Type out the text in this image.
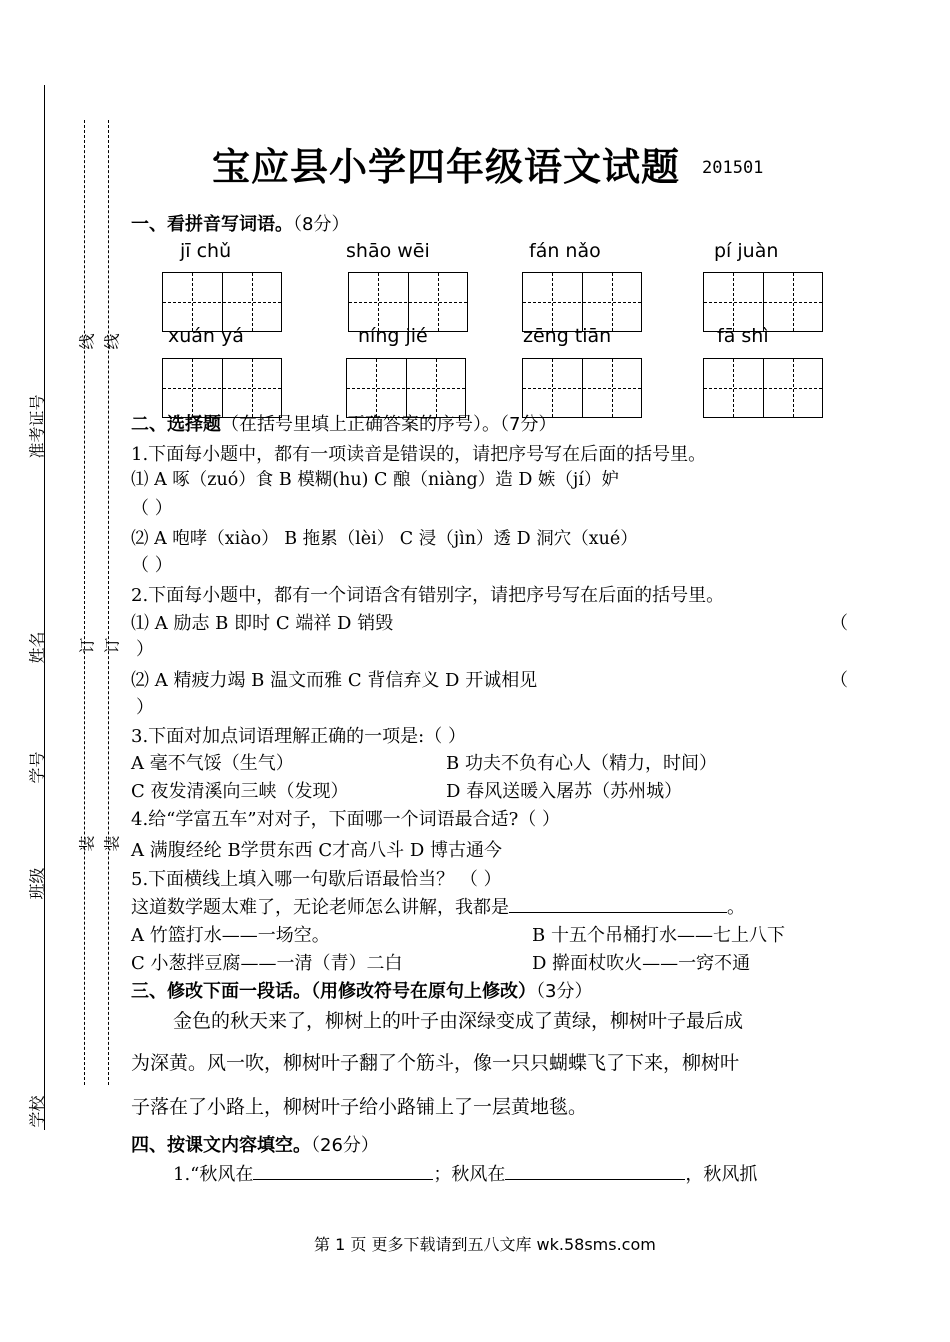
准考证号
姓名
学号
班级
学校
线 线
订 订
装 装
宝应县小学四年级语文试题 201501
一、看拼音写词语。（8分）
jī chǔ	shāo wēi	fán nǎo	pí juàn
xuán yá	níng jié	zēng tiān	fā shì
二、选择题（在括号里填上正确答案的序号）。（7分）
1.下面每小题中，都有一项读音是错误的，请把序号写在后面的括号里。
⑴ A 啄（zuó）食 B 模糊(hu) C 酿（niàng）造 D 嫉（jí）妒
（ ）
⑵ A 咆哮（xiào） B 拖累（lèi） C 浸（jìn）透 D 洞穴（xué）
（ ）
2.下面每小题中，都有一个词语含有错别字，请把序号写在后面的括号里。
⑴ A 励志 B 即时 C 端祥 D 销毁	（
）
⑵ A 精疲力竭 B 温文而雅 C 背信弃义 D 开诚相见	（
）
3.下面对加点词语理解正确的一项是:（ ）
A 毫不气馁（生气）	B 功夫不负有心人（精力，时间）
C 夜发清溪向三峡（发现）	D 春风送暖入屠苏（苏州城）
4.给“学富五车”对对子，下面哪一个词语最合适?（ ）
A 满腹经纶 B学贯东西 C才高八斗 D 博古通今
5.下面横线上填入哪一句歇后语最恰当？ （ ）
这道数学题太难了，无论老师怎么讲解，我都是	。
A 竹篮打水——一场空。	B 十五个吊桶打水——七上八下
C 小葱拌豆腐——一清（青）二白	D 擀面杖吹火——一窍不通
三、修改下面一段话。（用修改符号在原句上修改）（3分）
金色的秋天来了，柳树上的叶子由深绿变成了黄绿，柳树叶子最后成
为深黄。风一吹，柳树叶子翻了个筋斗，像一只只蝴蝶飞了下来，柳树叶
子落在了小路上，柳树叶子给小路铺上了一层黄地毯。
四、按课文内容填空。（26分）
1.“秋风在	；秋风在	，秋风抓
第 1 页 更多下载请到五八文库 wk.58sms.com
